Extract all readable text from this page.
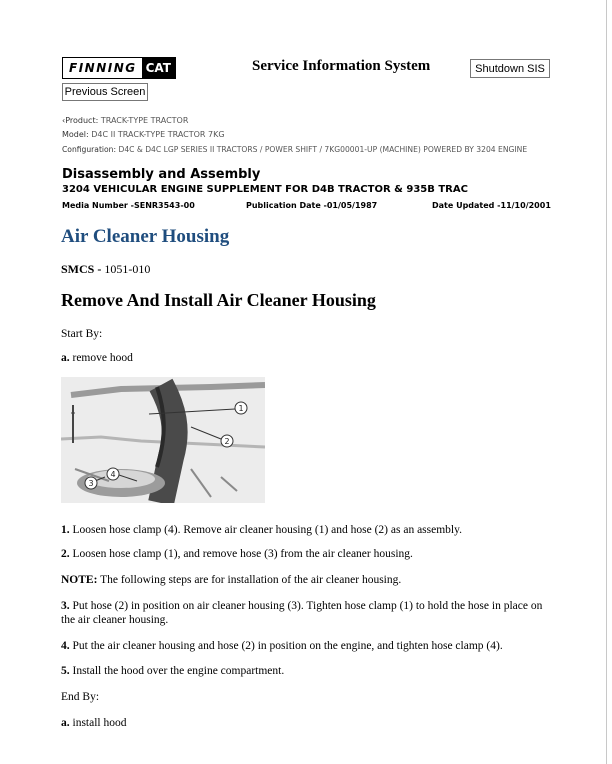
FINNING CAT	Service Information System	Shutdown SIS
Previous Screen
‹Product: TRACK-TYPE TRACTOR
Model: D4C II TRACK-TYPE TRACTOR 7KG
Configuration: D4C & D4C LGP SERIES II TRACTORS / POWER SHIFT / 7KG00001-UP (MACHINE) POWERED BY 3204 ENGINE
Disassembly and Assembly
3204 VEHICULAR ENGINE SUPPLEMENT FOR D4B TRACTOR & 935B TRAC
Media Number -SENR3543-00	Publication Date -01/05/1987	Date Updated -11/10/2001
Air Cleaner Housing
SMCS - 1051-010
Remove And Install Air Cleaner Housing
Start By:
a. remove hood
1
2
3
4
1. Loosen hose clamp (4). Remove air cleaner housing (1) and hose (2) as an assembly.
2. Loosen hose clamp (1), and remove hose (3) from the air cleaner housing.
NOTE: The following steps are for installation of the air cleaner housing.
3. Put hose (2) in position on air cleaner housing (3). Tighten hose clamp (1) to hold the hose in place on the air cleaner housing.
4. Put the air cleaner housing and hose (2) in position on the engine, and tighten hose clamp (4).
5. Install the hood over the engine compartment.
End By:
a. install hood
